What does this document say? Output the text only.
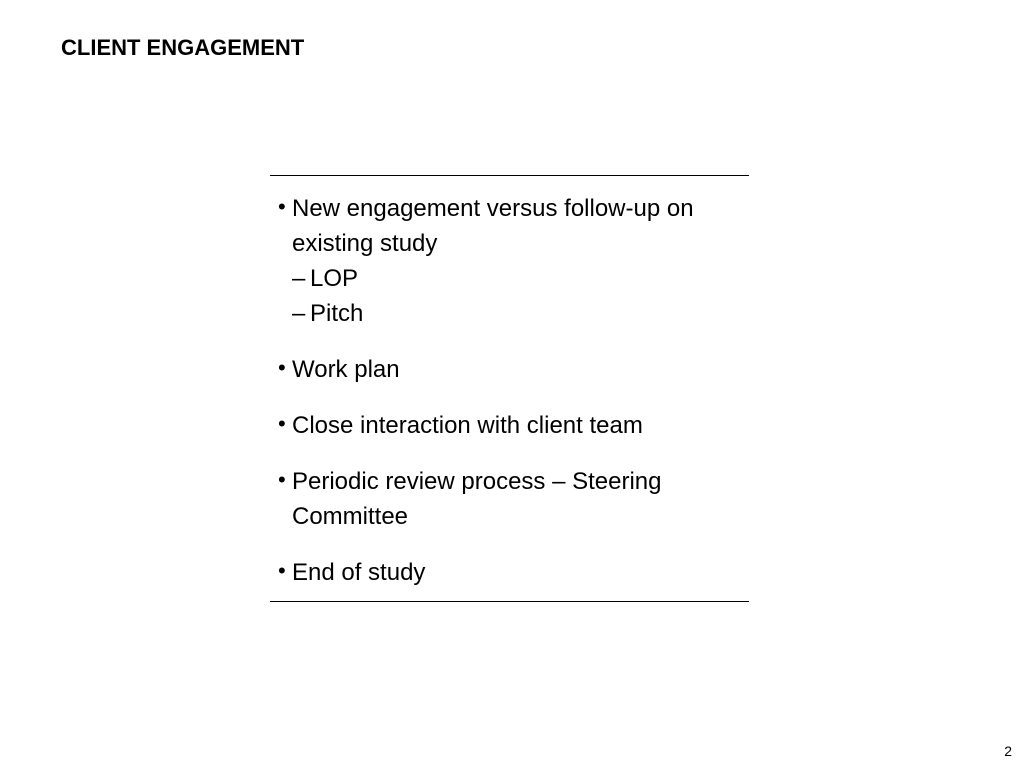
CLIENT ENGAGEMENT
• New engagement versus follow-up on existing study
– LOP
– Pitch
• Work plan
• Close interaction with client team
• Periodic review process – Steering Committee
• End of study
2
